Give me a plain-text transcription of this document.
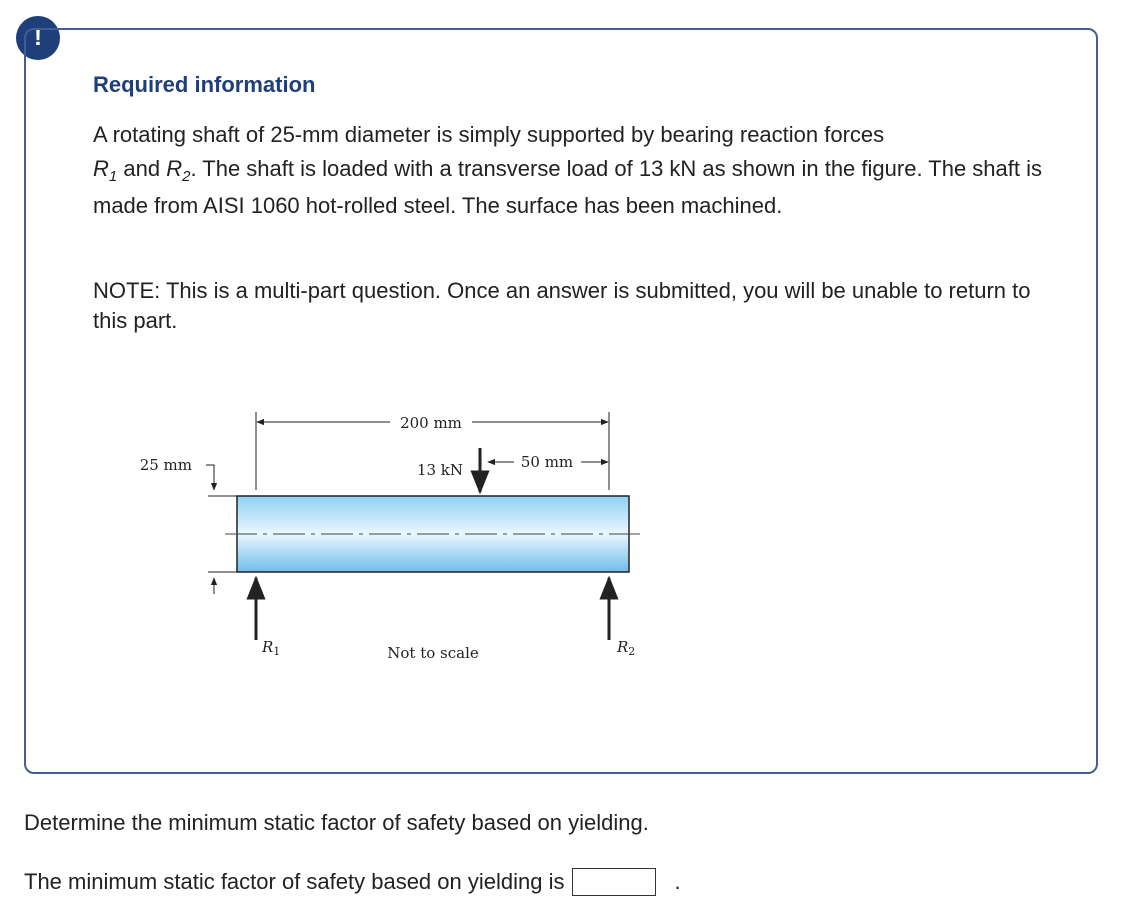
!
Required information

A rotating shaft of 25-mm diameter is simply supported by bearing reaction forces
$R_1$ and $R_2$. The shaft is loaded with a transverse load of 13 kN as shown in the figure. The shaft is made from AISI 1060 hot-rolled steel. The surface has been machined.

NOTE: This is a multi-part question. Once an answer is submitted, you will be unable to return to this part.

200 mm
50 mm
13 kN
25 mm
$R_1$	$R_2$
Not to scale
Determine the minimum static factor of safety based on yielding.
The minimum static factor of safety based on yielding is	.
